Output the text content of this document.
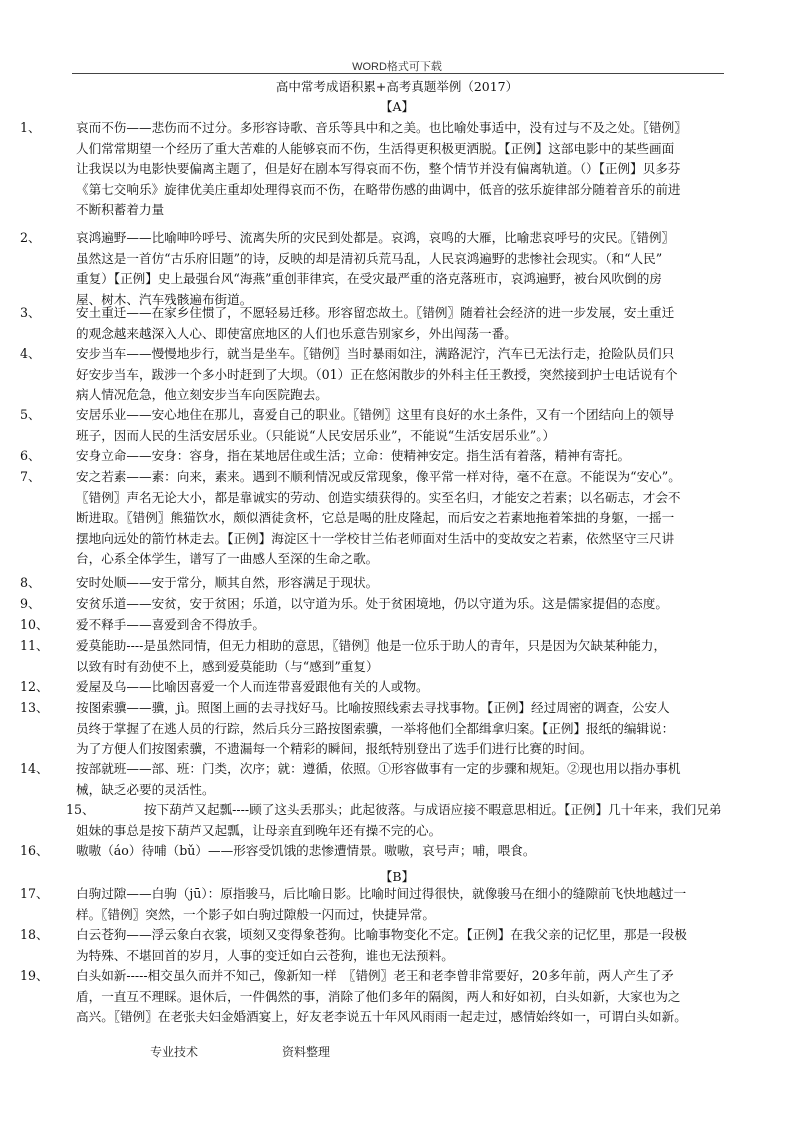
WORD格式可下载
高中常考成语积累+高考真题举例（2017）
【A】
1、	哀而不伤——悲伤而不过分。多形容诗歌、音乐等具中和之美。也比喻处事适中，没有过与不及之处。〖错例〗
人们常常期望一个经历了重大苦难的人能够哀而不伤，生活得更积极更洒脱。【正例】这部电影中的某些画面
让我误以为电影快要偏离主题了，但是好在剧本写得哀而不伤，整个情节并没有偏离轨道。（）【正例】贝多芬
《第七交响乐》旋律优美庄重却处理得哀而不伤，在略带伤感的曲调中，低音的弦乐旋律部分随着音乐的前进
不断积蓄着力量
2、	哀鸿遍野——比喻呻吟呼号、流离失所的灾民到处都是。哀鸿，哀鸣的大雁，比喻悲哀呼号的灾民。〖错例〗
虽然这是一首仿“古乐府旧题”的诗，反映的却是清初兵荒马乱，人民哀鸿遍野的悲惨社会现实。（和“人民”
重复）【正例】史上最强台风“海燕”重创菲律宾，在受灾最严重的洛克落班市，哀鸿遍野，被台风吹倒的房
屋、树木、汽车残骸遍布街道。
3、	安土重迁——在家乡住惯了，不愿轻易迁移。形容留恋故土。〖错例〗随着社会经济的进一步发展，安土重迁
的观念越来越深入人心、即使富庶地区的人们也乐意告别家乡，外出闯荡一番。
4、	安步当车——慢慢地步行，就当是坐车。〖错例〗当时暴雨如注，满路泥泞，汽车已无法行走，抢险队员们只
好安步当车，跋涉一个多小时赶到了大坝。（01）正在悠闲散步的外科主任王教授，突然接到护士电话说有个
病人情况危急，他立刻安步当车向医院跑去。
5、	安居乐业——安心地住在那儿，喜爱自己的职业。〖错例〗这里有良好的水土条件，又有一个团结向上的领导
班子，因而人民的生活安居乐业。（只能说“人民安居乐业”，不能说“生活安居乐业”。）
6、	安身立命——安身：容身，指在某地居住或生活；立命：使精神安定。指生活有着落，精神有寄托。
7、	安之若素——素：向来，素来。遇到不顺利情况或反常现象，像平常一样对待，毫不在意。不能误为“安心”。
〖错例〗声名无论大小，都是靠诚实的劳动、创造实绩获得的。实至名归，才能安之若素；以名砺志，才会不
断进取。〖错例〗熊猫饮水，颇似酒徒贪杯，它总是喝的肚皮隆起，而后安之若素地拖着笨拙的身躯，一摇一
摆地向远处的箭竹林走去。【正例】海淀区十一学校甘兰佑老师面对生活中的变故安之若素，依然坚守三尺讲
台，心系全体学生，谱写了一曲感人至深的生命之歌。
8、	安时处顺——安于常分，顺其自然，形容满足于现状。
9、	安贫乐道——安贫，安于贫困；乐道，以守道为乐。处于贫困境地，仍以守道为乐。这是儒家提倡的态度。
10、 爱不释手——喜爱到舍不得放手。
11、 爱莫能助----是虽然同情，但无力相助的意思，〖错例〗他是一位乐于助人的青年，只是因为欠缺某种能力，
以致有时有劲使不上，感到爱莫能助（与“感到”重复）
12、 爱屋及乌——比喻因喜爱一个人而连带喜爱跟他有关的人或物。
13、 按图索骥——骥，jì。照图上画的去寻找好马。比喻按照线索去寻找事物。【正例】经过周密的调查，公安人
员终于掌握了在逃人员的行踪，然后兵分三路按图索骥，一举将他们全都缉拿归案。【正例】报纸的编辑说：
为了方便人们按图索骥，不遗漏每一个精彩的瞬间，报纸特别登出了选手们进行比赛的时间。
14、 按部就班——部、班：门类，次序；就：遵循，依照。①形容做事有一定的步骤和规矩。②现也用以指办事机
械，缺乏必要的灵活性。
15、	按下葫芦又起瓢----顾了这头丢那头；此起彼落。与成语应接不暇意思相近。【正例】几十年来，我们兄弟
姐妹的事总是按下葫芦又起瓢，让母亲直到晚年还有操不完的心。
16、 嗷嗷（áo）待哺（bǔ）——形容受饥饿的悲惨遭情景。嗷嗷，哀号声；哺，喂食。
17、 白驹过隙——白驹（jū）：原指骏马，后比喻日影。比喻时间过得很快，就像骏马在细小的缝隙前飞快地越过一
样。〖错例〗突然，一个影子如白驹过隙般一闪而过，快捷异常。
18、 白云苍狗——浮云象白衣裳，顷刻又变得象苍狗。比喻事物变化不定。【正例】在我父亲的记忆里，那是一段极
为特殊、不堪回首的岁月，人事的变迁如白云苍狗，谁也无法预料。
19、 白头如新-----相交虽久而并不知己，像新知一样　〖错例〗老王和老李曾非常要好，20多年前，两人产生了矛
盾，一直互不理睬。退休后，一件偶然的事，消除了他们多年的隔阂，两人和好如初，白头如新，大家也为之
高兴。〖错例〗在老张夫妇金婚酒宴上，好友老李说五十年风风雨雨一起走过，感情始终如一，可谓白头如新。
【B】
专业技术	资料整理
